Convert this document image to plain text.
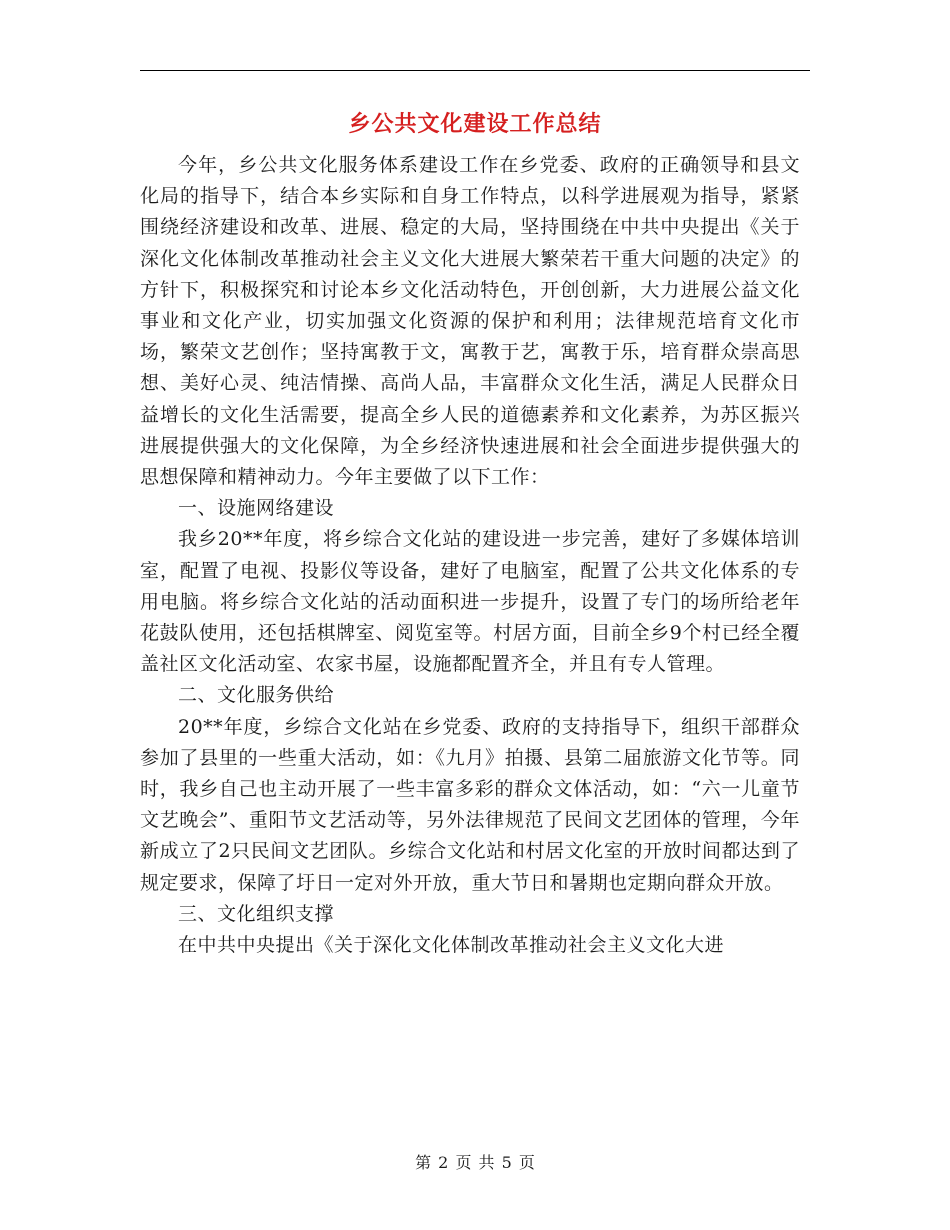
乡公共文化建设工作总结

今年，乡公共文化服务体系建设工作在乡党委、政府的正确领导和县文化局的指导下，结合本乡实际和自身工作特点，以科学进展观为指导，紧紧围绕经济建设和改革、进展、稳定的大局，坚持围绕在中共中央提出《关于深化文化体制改革推动社会主义文化大进展大繁荣若干重大问题的决定》的方针下，积极探究和讨论本乡文化活动特色，开创创新，大力进展公益文化事业和文化产业，切实加强文化资源的保护和利用；法律规范培育文化市场，繁荣文艺创作；坚持寓教于文，寓教于艺，寓教于乐，培育群众崇高思想、美好心灵、纯洁情操、高尚人品，丰富群众文化生活，满足人民群众日益增长的文化生活需要，提高全乡人民的道德素养和文化素养，为苏区振兴进展提供强大的文化保障，为全乡经济快速进展和社会全面进步提供强大的思想保障和精神动力。今年主要做了以下工作：

一、设施网络建设

我乡20**年度，将乡综合文化站的建设进一步完善，建好了多媒体培训室，配置了电视、投影仪等设备，建好了电脑室，配置了公共文化体系的专用电脑。将乡综合文化站的活动面积进一步提升，设置了专门的场所给老年花鼓队使用，还包括棋牌室、阅览室等。村居方面，目前全乡9个村已经全覆盖社区文化活动室、农家书屋，设施都配置齐全，并且有专人管理。

二、文化服务供给

20**年度，乡综合文化站在乡党委、政府的支持指导下，组织干部群众参加了县里的一些重大活动，如：《九月》拍摄、县第二届旅游文化节等。同时，我乡自己也主动开展了一些丰富多彩的群众文体活动，如：“六一儿童节文艺晚会”、重阳节文艺活动等，另外法律规范了民间文艺团体的管理，今年新成立了2只民间文艺团队。乡综合文化站和村居文化室的开放时间都达到了规定要求，保障了圩日一定对外开放，重大节日和暑期也定期向群众开放。

三、文化组织支撑

在中共中央提出《关于深化文化体制改革推动社会主义文化大进

第 2 页 共 5 页
